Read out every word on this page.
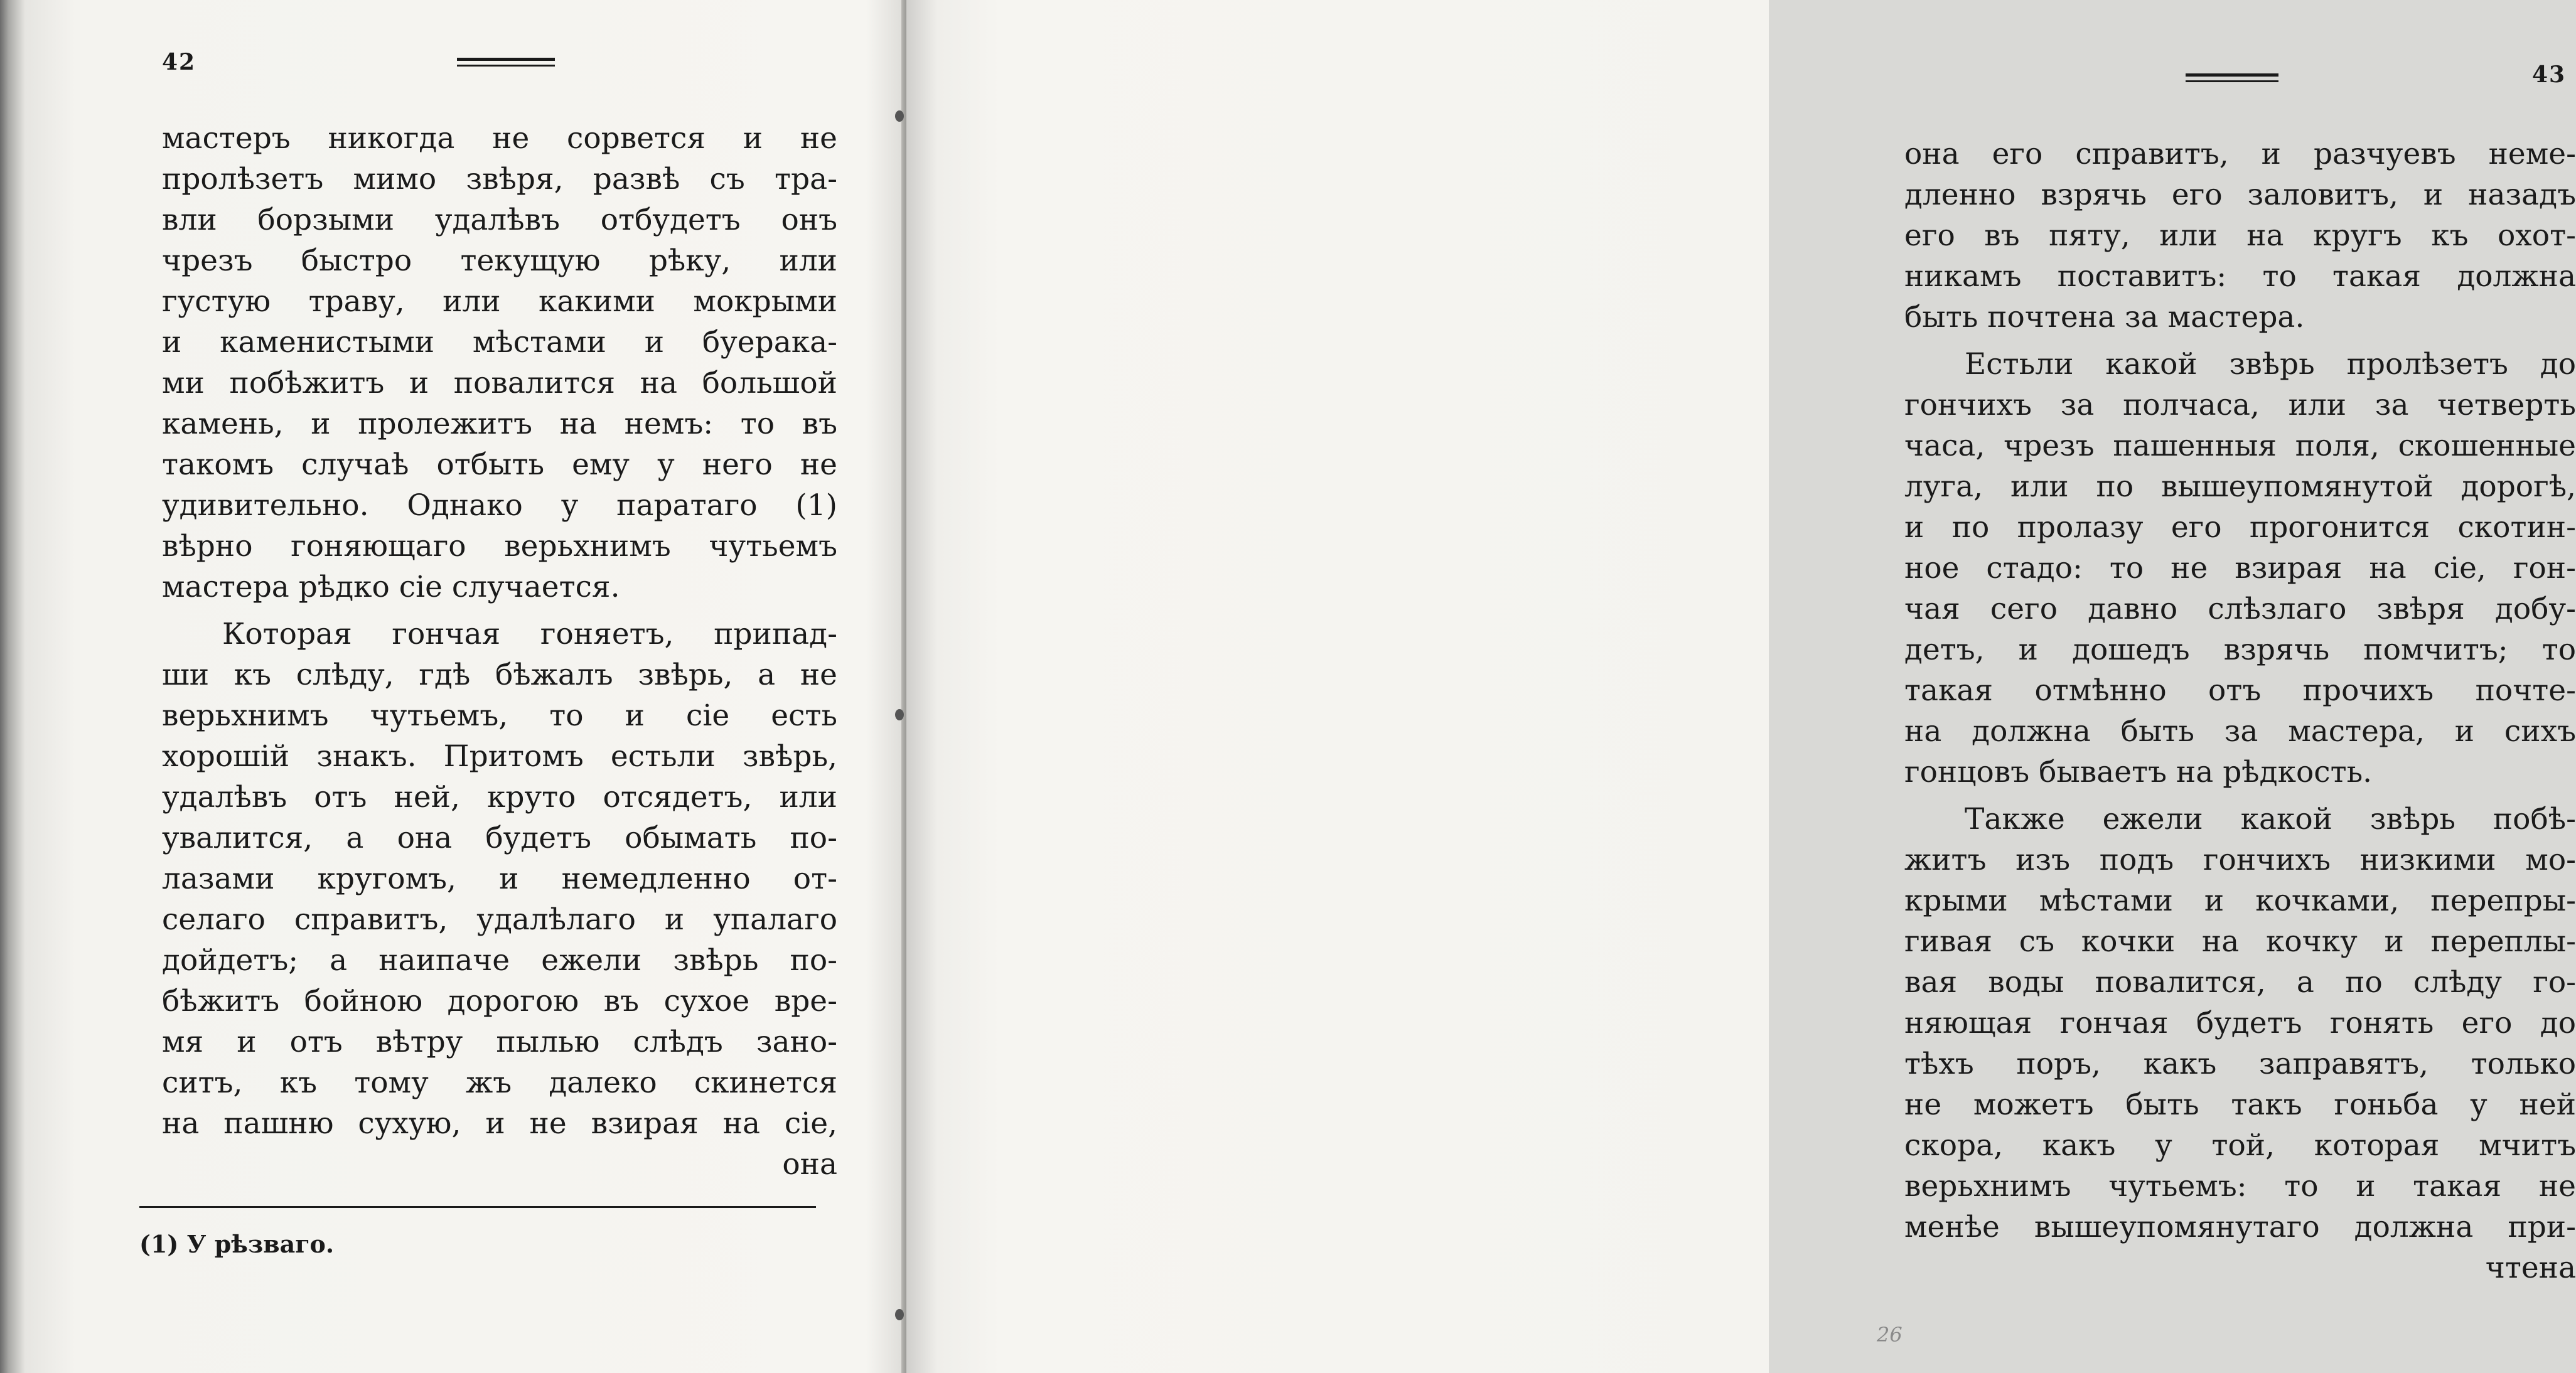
42
мастеръ никогда не сорвется и не
пролѣзетъ мимо звѣря, развѣ съ тра-
вли борзыми удалѣвъ отбудетъ онъ
чрезъ быстро текущую рѣку, или
густую траву, или какими мокрыми
и каменистыми мѣстами и буерака-
ми побѣжитъ и повалится на большой
камень, и пролежитъ на немъ: то въ
такомъ случаѣ отбыть ему у него не
удивительно. Однако у паратаго (1)
вѣрно гоняющаго верьхнимъ чутьемъ
мастера рѣдко сіе случается.
Которая гончая гоняетъ, припад-
ши къ слѣду, гдѣ бѣжалъ звѣрь, а не
верьхнимъ чутьемъ, то и сіе есть
хорошій знакъ. Притомъ естьли звѣрь,
удалѣвъ отъ ней, круто отсядетъ, или
увалится, а она будетъ обымать по-
лазами кругомъ, и немедленно от-
селаго справитъ, удалѣлаго и упалаго
дойдетъ; а наипаче ежели звѣрь по-
бѣжитъ бойною дорогою въ сухое вре-
мя и отъ вѣтру пылью слѣдъ зано-
ситъ, къ тому жъ далеко скинется
на пашню сухую, и не взирая на сіе,
она
(1) У рѣзваго.
43
она его справитъ, и разчуевъ неме-
дленно взрячь его заловитъ, и назадъ
его въ пяту, или на кругъ къ охот-
никамъ поставитъ: то такая должна
быть почтена за мастера.
Естьли какой звѣрь пролѣзетъ до
гончихъ за полчаса, или за четверть
часа, чрезъ пашенныя поля, скошенные
луга, или по вышеупомянутой дорогѣ,
и по пролазу его прогонится скотин-
ное стадо: то не взирая на сіе, гон-
чая сего давно слѣзлаго звѣря добу-
детъ, и дошедъ взрячь помчитъ; то
такая отмѣнно отъ прочихъ почте-
на должна быть за мастера, и сихъ
гонцовъ бываетъ на рѣдкость.
Также ежели какой звѣрь побѣ-
житъ изъ подъ гончихъ низкими мо-
крыми мѣстами и кочками, перепры-
гивая съ кочки на кочку и переплы-
вая воды повалится, а по слѣду го-
няющая гончая будетъ гонять его до
тѣхъ поръ, какъ заправятъ, только
не можетъ быть такъ гоньба у ней
скора, какъ у той, которая мчитъ
верьхнимъ чутьемъ: то и такая не
менѣе вышеупомянутаго должна при-
чтена
26
